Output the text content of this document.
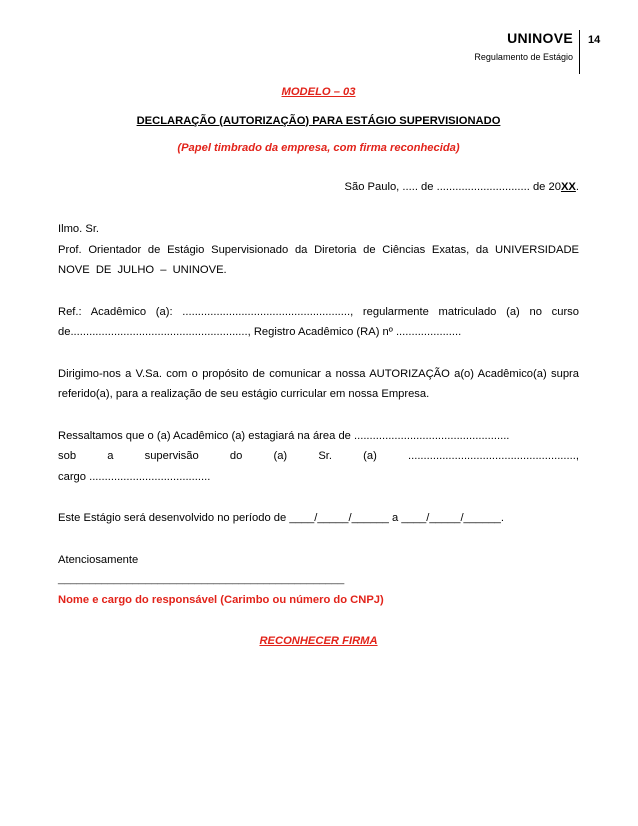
UNINOVE
Regulamento de Estágio
14

MODELO – 03

DECLARAÇÃO (AUTORIZAÇÃO) PARA ESTÁGIO SUPERVISIONADO

(Papel timbrado da empresa, com firma reconhecida)

São Paulo, ..... de .............................. de 20XX.

Ilmo. Sr.

Prof. Orientador de Estágio Supervisionado da Diretoria de Ciências Exatas, da UNIVERSIDADE NOVE DE JULHO – UNINOVE.

Ref.: Acadêmico (a): ......................................................, regularmente matriculado (a) no curso de........................................................., Registro Acadêmico (RA) nº .....................

Dirigimo-nos a V.Sa. com o propósito de comunicar a nossa AUTORIZAÇÃO a(o) Acadêmico(a) supra referido(a), para a realização de seu estágio curricular em nossa Empresa.

Ressaltamos que o (a) Acadêmico (a) estagiará na área de ..................................................

sob	a	supervisão	do	(a)	Sr.	(a)	......................................................,

cargo .......................................

Este Estágio será desenvolvido no período de ____/_____/______ a ____/_____/______.

Atenciosamente

______________________________________________

Nome e cargo do responsável (Carimbo ou número do CNPJ)

RECONHECER FIRMA
